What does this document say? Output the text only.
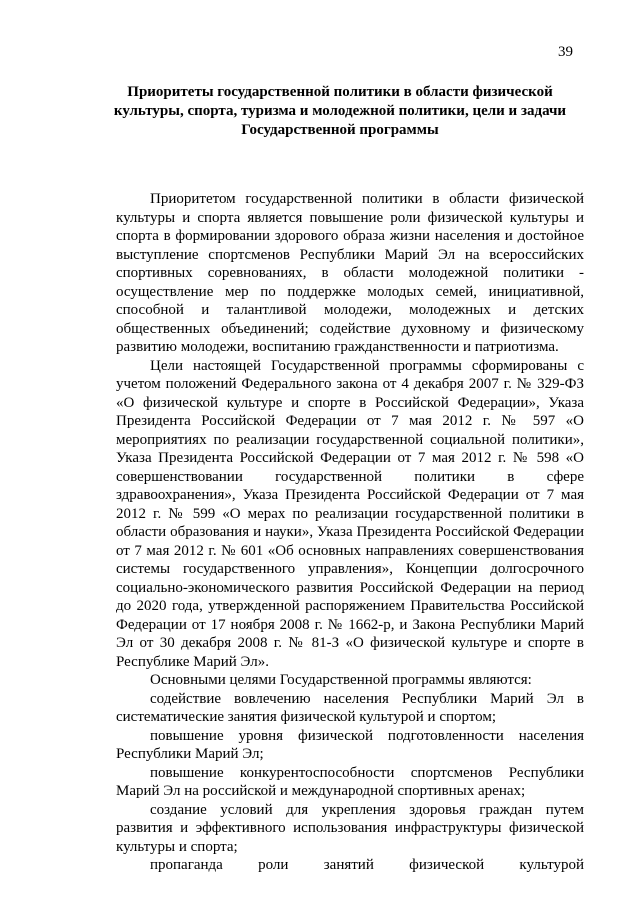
39
Приоритеты государственной политики в области физической
культуры, спорта, туризма и молодежной политики, цели и задачи
Государственной программы

Приоритетом государственной политики в области физической культуры и спорта является повышение роли физической культуры и спорта в формировании здорового образа жизни населения и достойное выступление спортсменов Республики Марий Эл на всероссийских спортивных соревнованиях, в области молодежной политики - осуществление мер по поддержке молодых семей, инициативной, способной и талантливой молодежи, молодежных и детских общественных объединений; содействие духовному и физическому развитию молодежи, воспитанию гражданственности и патриотизма.

Цели настоящей Государственной программы сформированы с учетом положений Федерального закона от 4 декабря 2007 г. № 329-ФЗ «О физической культуре и спорте в Российской Федерации», Указа Президента Российской Федерации от 7 мая 2012 г. № 597 «О мероприятиях по реализации государственной социальной политики», Указа Президента Российской Федерации от 7 мая 2012 г. № 598 «О совершенствовании государственной политики в сфере здравоохранения», Указа Президента Российской Федерации от 7 мая 2012 г. № 599 «О мерах по реализации государственной политики в области образования и науки», Указа Президента Российской Федерации от 7 мая 2012 г. № 601 «Об основных направлениях совершенствования системы государственного управления», Концепции долгосрочного социально-экономического развития Российской Федерации на период до 2020 года, утвержденной распоряжением Правительства Российской Федерации от 17 ноября 2008 г. № 1662-р, и Закона Республики Марий Эл от 30 декабря 2008 г. № 81-З «О физической культуре и спорте в Республике Марий Эл».

Основными целями Государственной программы являются:

содействие вовлечению населения Республики Марий Эл в систематические занятия физической культурой и спортом;

повышение уровня физической подготовленности населения Республики Марий Эл;

повышение конкурентоспособности спортсменов Республики Марий Эл на российской и международной спортивных аренах;

создание условий для укрепления здоровья граждан путем развития и эффективного использования инфраструктуры физической культуры и спорта;

пропаганда роли занятий физической культурой
